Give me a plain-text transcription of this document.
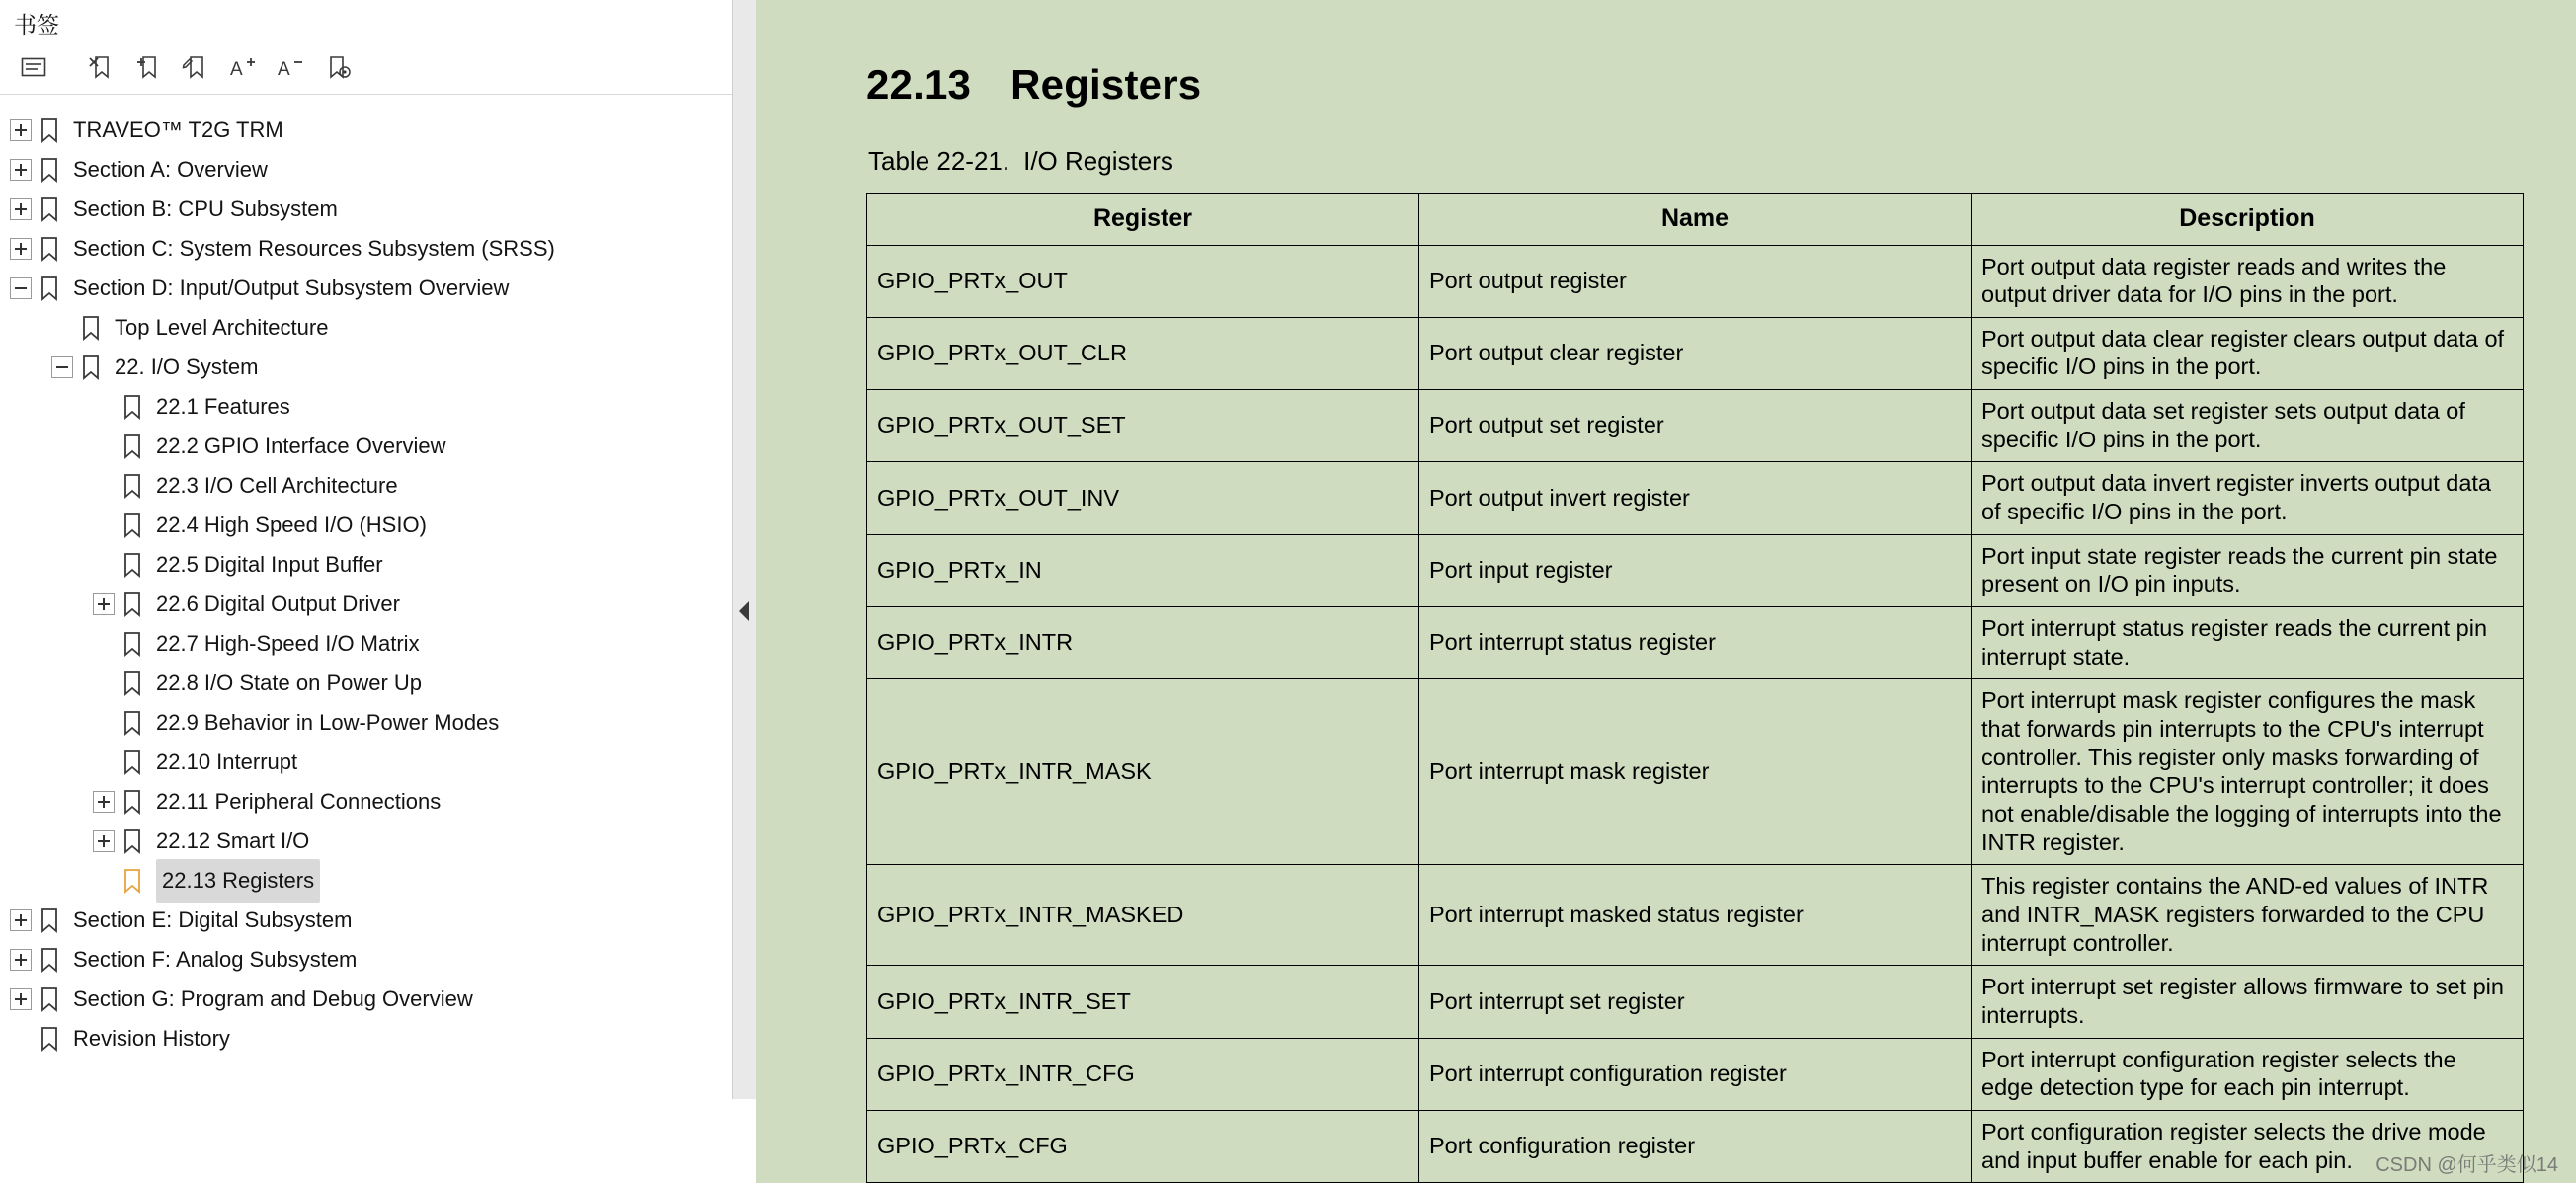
书签
A A
TRAVEO™ T2G TRM
Section A: Overview
Section B: CPU Subsystem
Section C: System Resources Subsystem (SRSS)
Section D: Input/Output Subsystem Overview
Top Level Architecture
22. I/O System
22.1 Features
22.2 GPIO Interface Overview
22.3 I/O Cell Architecture
22.4 High Speed I/O (HSIO)
22.5 Digital Input Buffer
22.6 Digital Output Driver
22.7 High-Speed I/O Matrix
22.8 I/O State on Power Up
22.9 Behavior in Low-Power Modes
22.10 Interrupt
22.11 Peripheral Connections
22.12 Smart I/O
22.13 Registers
Section E: Digital Subsystem
Section F: Analog Subsystem
Section G: Program and Debug Overview
Revision History
22.13 Registers
Table 22-21. I/O Registers
Register	Name	Description
GPIO_PRTx_OUT	Port output register	Port output data register reads and writes the output driver data for I/O pins in the port.
GPIO_PRTx_OUT_CLR	Port output clear register	Port output data clear register clears output data of specific I/O pins in the port.
GPIO_PRTx_OUT_SET	Port output set register	Port output data set register sets output data of specific I/O pins in the port.
GPIO_PRTx_OUT_INV	Port output invert register	Port output data invert register inverts output data of specific I/O pins in the port.
GPIO_PRTx_IN	Port input register	Port input state register reads the current pin state present on I/O pin inputs.
GPIO_PRTx_INTR	Port interrupt status register	Port interrupt status register reads the current pin interrupt state.
GPIO_PRTx_INTR_MASK	Port interrupt mask register	Port interrupt mask register configures the mask that forwards pin interrupts to the CPU's interrupt controller. This register only masks forwarding of interrupts to the CPU's interrupt controller; it does not enable/disable the logging of interrupts into the INTR register.
GPIO_PRTx_INTR_MASKED	Port interrupt masked status register	This register contains the AND-ed values of INTR and INTR_MASK registers forwarded to the CPU interrupt controller.
GPIO_PRTx_INTR_SET	Port interrupt set register	Port interrupt set register allows firmware to set pin interrupts.
GPIO_PRTx_INTR_CFG	Port interrupt configuration register	Port interrupt configuration register selects the edge detection type for each pin interrupt.
GPIO_PRTx_CFG	Port configuration register	Port configuration register selects the drive mode and input buffer enable for each pin. CSDN @何乎类似14
